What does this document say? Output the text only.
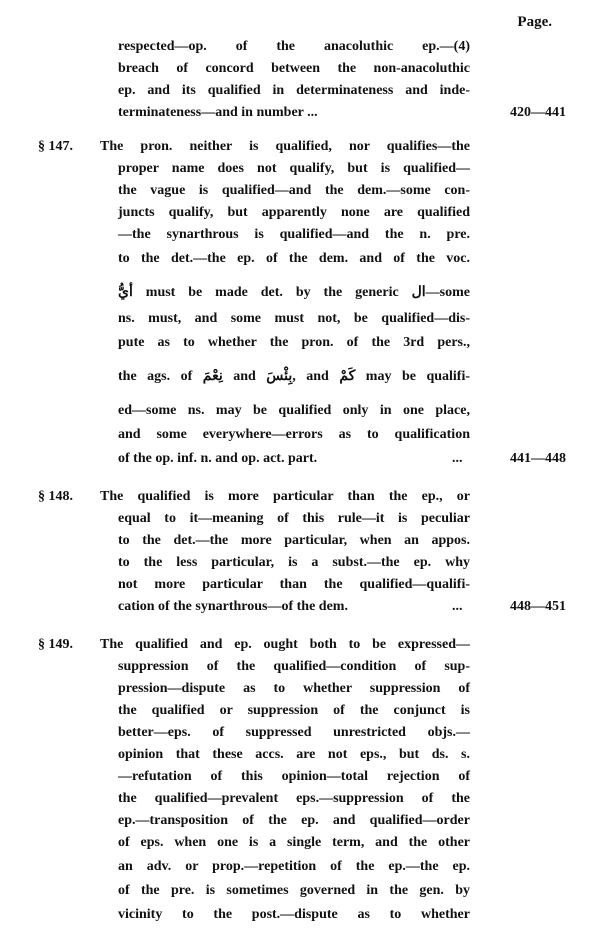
Page.
respected—op. of the anacoluthic ep.—(4)
breach of concord between the non-anacoluthic
ep. and its qualified in determinateness and inde-
terminateness—and in number ...	420—441
§ 147. The pron. neither is qualified, nor qualifies—the
proper name does not qualify, but is qualified—
the vague is qualified—and the dem.—some con-
juncts qualify, but apparently none are qualified
—the synarthrous is qualified—and the n. pre.
to the det.—the ep. of the dem. and of the voc.
أيُّ must be made det. by the generic ال—some
ns. must, and some must not, be qualified—dis-
pute as to whether the pron. of the 3rd pers.,
the ags. of نِعْمَ and بِئْسَ, and كَمْ may be qualifi-
ed—some ns. may be qualified only in one place,
and some everywhere—errors as to qualification
of the op. inf. n. and op. act. part.	...	441—448
§ 148. The qualified is more particular than the ep., or
equal to it—meaning of this rule—it is peculiar
to the det.—the more particular, when an appos.
to the less particular, is a subst.—the ep. why
not more particular than the qualified—qualifi-
cation of the synarthrous—of the dem.	...	448—451
§ 149. The qualified and ep. ought both to be expressed—
suppression of the qualified—condition of sup-
pression—dispute as to whether suppression of
the qualified or suppression of the conjunct is
better—eps. of suppressed unrestricted objs.—
opinion that these accs. are not eps., but ds. s.
—refutation of this opinion—total rejection of
the qualified—prevalent eps.—suppression of the
ep.—transposition of the ep. and qualified—order
of eps. when one is a single term, and the other
an adv. or prop.—repetition of the ep.—the ep.
of the pre. is sometimes governed in the gen. by
vicinity to the post.—dispute as to whether
